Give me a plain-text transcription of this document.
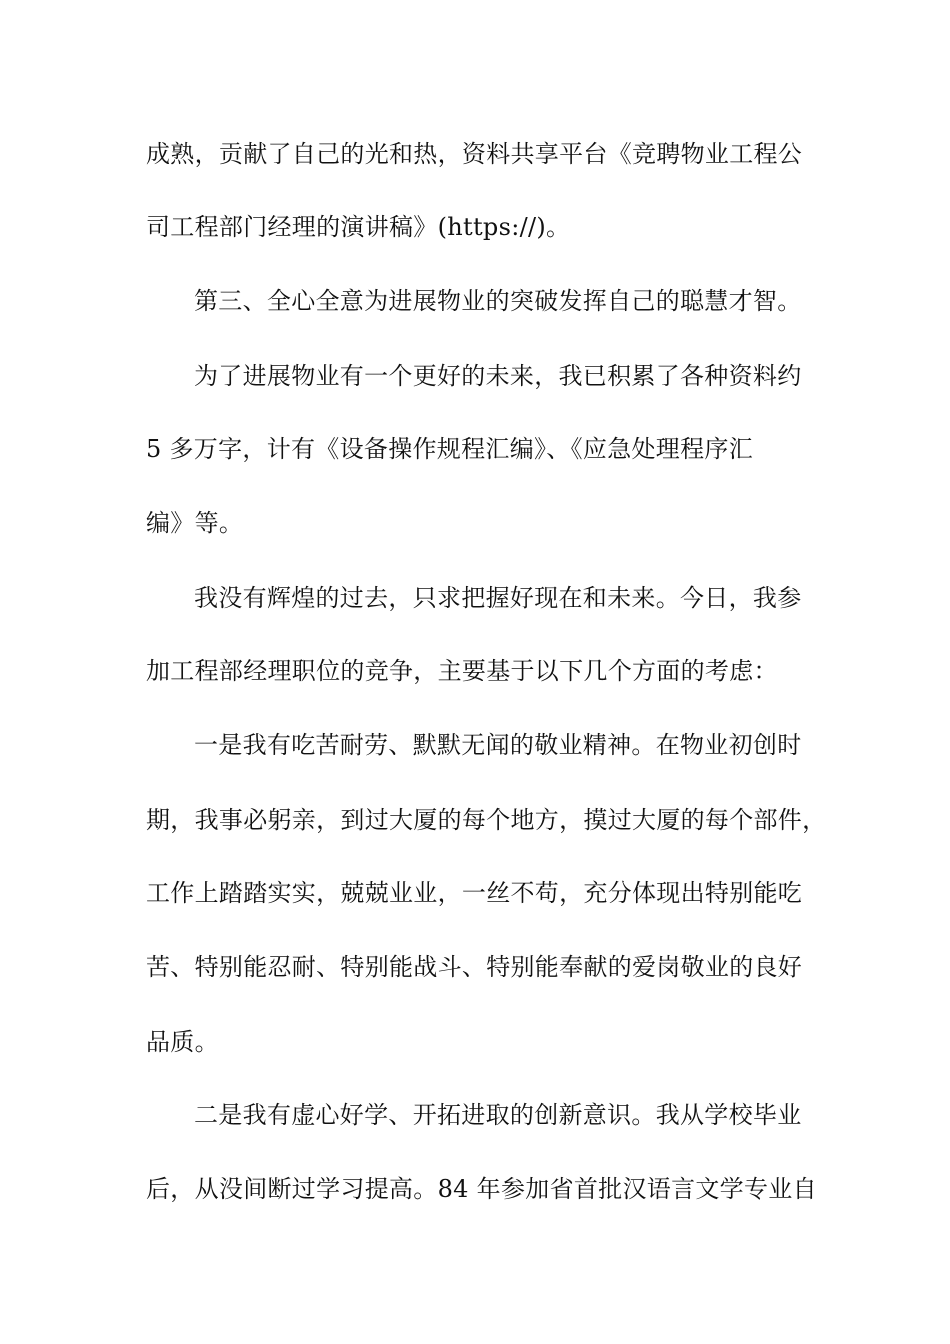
成熟，贡献了自己的光和热，资料共享平台《竞聘物业工程公
司工程部门经理的演讲稿》(https://)。
第三、全心全意为进展物业的突破发挥自己的聪慧才智。
为了进展物业有一个更好的未来，我已积累了各种资料约
5 多万字，计有《设备操作规程汇编》、《应急处理程序汇
编》等。
我没有辉煌的过去，只求把握好现在和未来。今日，我参
加工程部经理职位的竞争，主要基于以下几个方面的考虑：
一是我有吃苦耐劳、默默无闻的敬业精神。在物业初创时
期，我事必躬亲，到过大厦的每个地方，摸过大厦的每个部件，
工作上踏踏实实，兢兢业业，一丝不苟，充分体现出特别能吃
苦、特别能忍耐、特别能战斗、特别能奉献的爱岗敬业的良好
品质。
二是我有虚心好学、开拓进取的创新意识。我从学校毕业
后，从没间断过学习提高。84 年参加省首批汉语言文学专业自
